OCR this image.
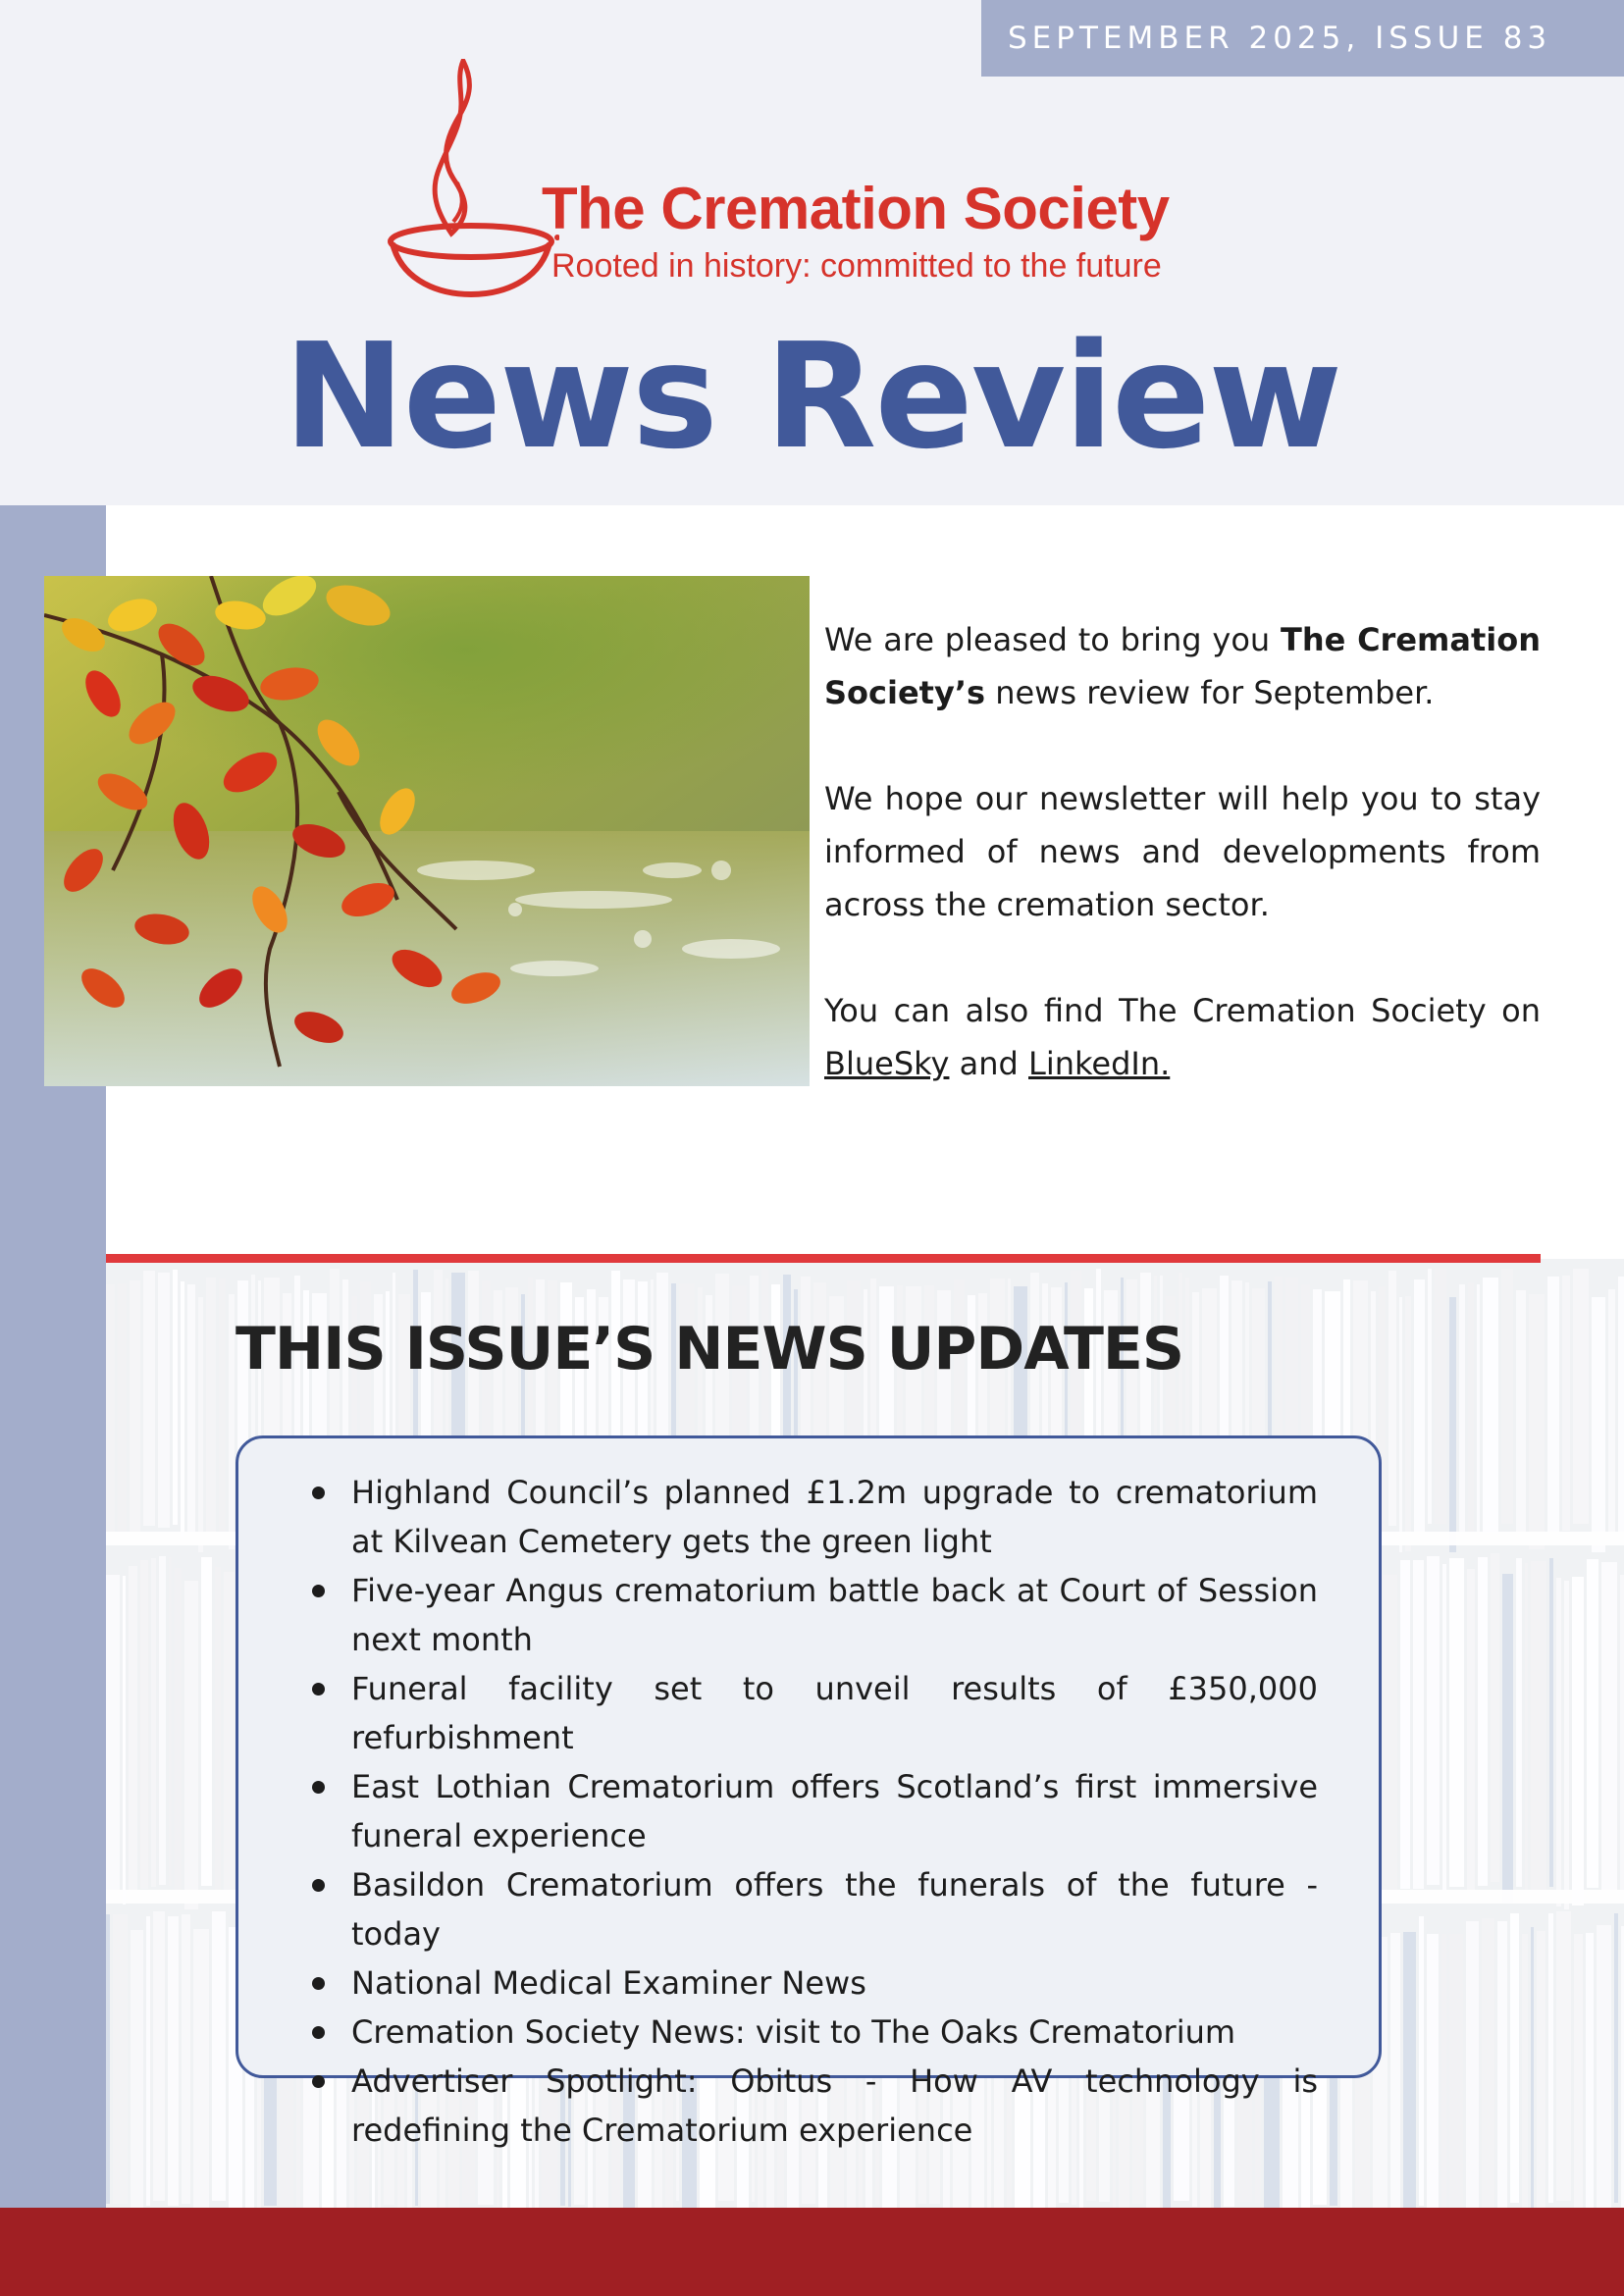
SEPTEMBER 2025, ISSUE 83
The Cremation Society
Rooted in history: committed to the future
News Review

We are pleased to bring you The Cremation Society’s news review for September.

We hope our newsletter will help you to stay informed of news and developments from across the cremation sector.

You can also find The Cremation Society on BlueSky and LinkedIn.

THIS ISSUE’S NEWS UPDATES
Highland Council’s planned £1.2m upgrade to crematorium at Kilvean Cemetery gets the green light
Five-year Angus crematorium battle back at Court of Session next month
Funeral facility set to unveil results of £350,000 refurbishment
East Lothian Crematorium offers Scotland’s first immersive funeral experience
Basildon Crematorium offers the funerals of the future - today
National Medical Examiner News
Cremation Society News: visit to The Oaks Crematorium
Advertiser Spotlight: Obitus - How AV technology is redefining the Crematorium experience
